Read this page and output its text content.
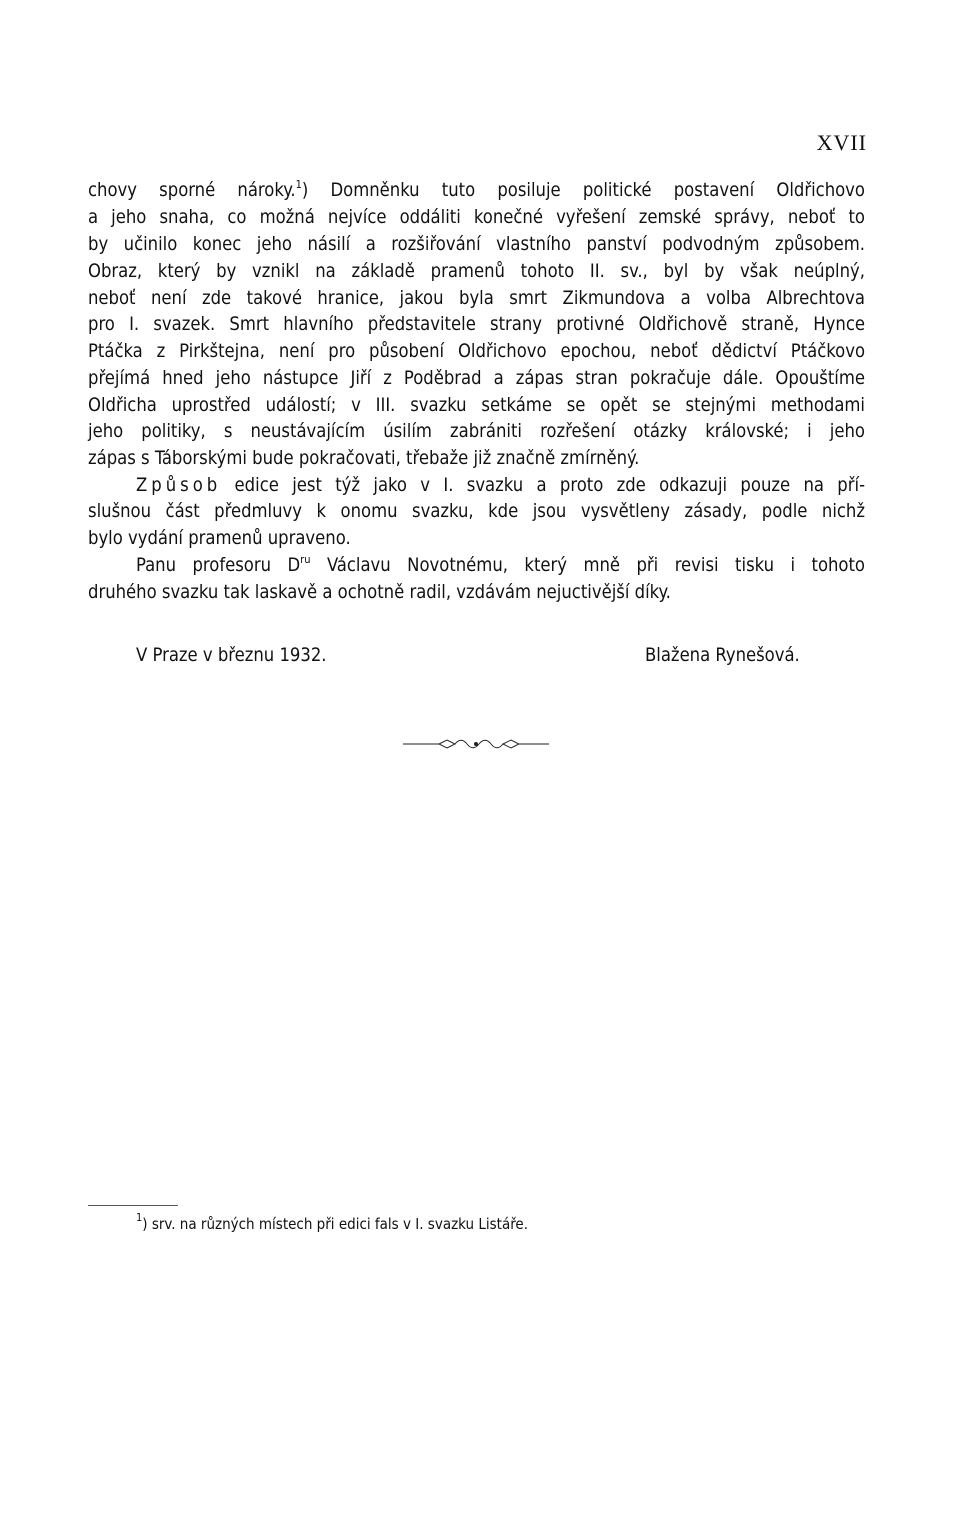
XVII
chovy sporné nároky.$^1$) Domněnku tuto posiluje politické postavení Oldřichovo
a jeho snaha, co možná nejvíce oddáliti konečné vyřešení zemské správy, neboť to
by učinilo konec jeho násilí a rozšiřování vlastního panství podvodným způsobem.
Obraz, který by vznikl na základě pramenů tohoto II. sv., byl by však neúplný,
neboť není zde takové hranice, jakou byla smrt Zikmundova a volba Albrechtova
pro I. svazek. Smrt hlavního představitele strany protivné Oldřichově straně, Hynce
Ptáčka z Pirkštejna, není pro působení Oldřichovo epochou, neboť dědictví Ptáčkovo
přejímá hned jeho nástupce Jiří z Poděbrad a zápas stran pokračuje dále. Opouštíme
Oldřicha uprostřed událostí; v III. svazku setkáme se opět se stejnými methodami
jeho politiky, s neustávajícím úsilím zabrániti rozřešení otázky královské; i jeho
zápas s Táborskými bude pokračovati, třebaže již značně zmírněný.
Způsob edice jest týž jako v I. svazku a proto zde odkazuji pouze na pří-
slušnou část předmluvy k onomu svazku, kde jsou vysvětleny zásady, podle nichž
bylo vydání pramenů upraveno.
Panu profesoru $D^{ru}$ Václavu Novotnému, který mně při revisi tisku i tohoto
druhého svazku tak laskavě a ochotně radil, vzdávám nejuctivější díky.
V Praze v březnu 1932.	Blažena Rynešová.
$^1$) srv. na různých místech při edici fals v I. svazku Listáře.
